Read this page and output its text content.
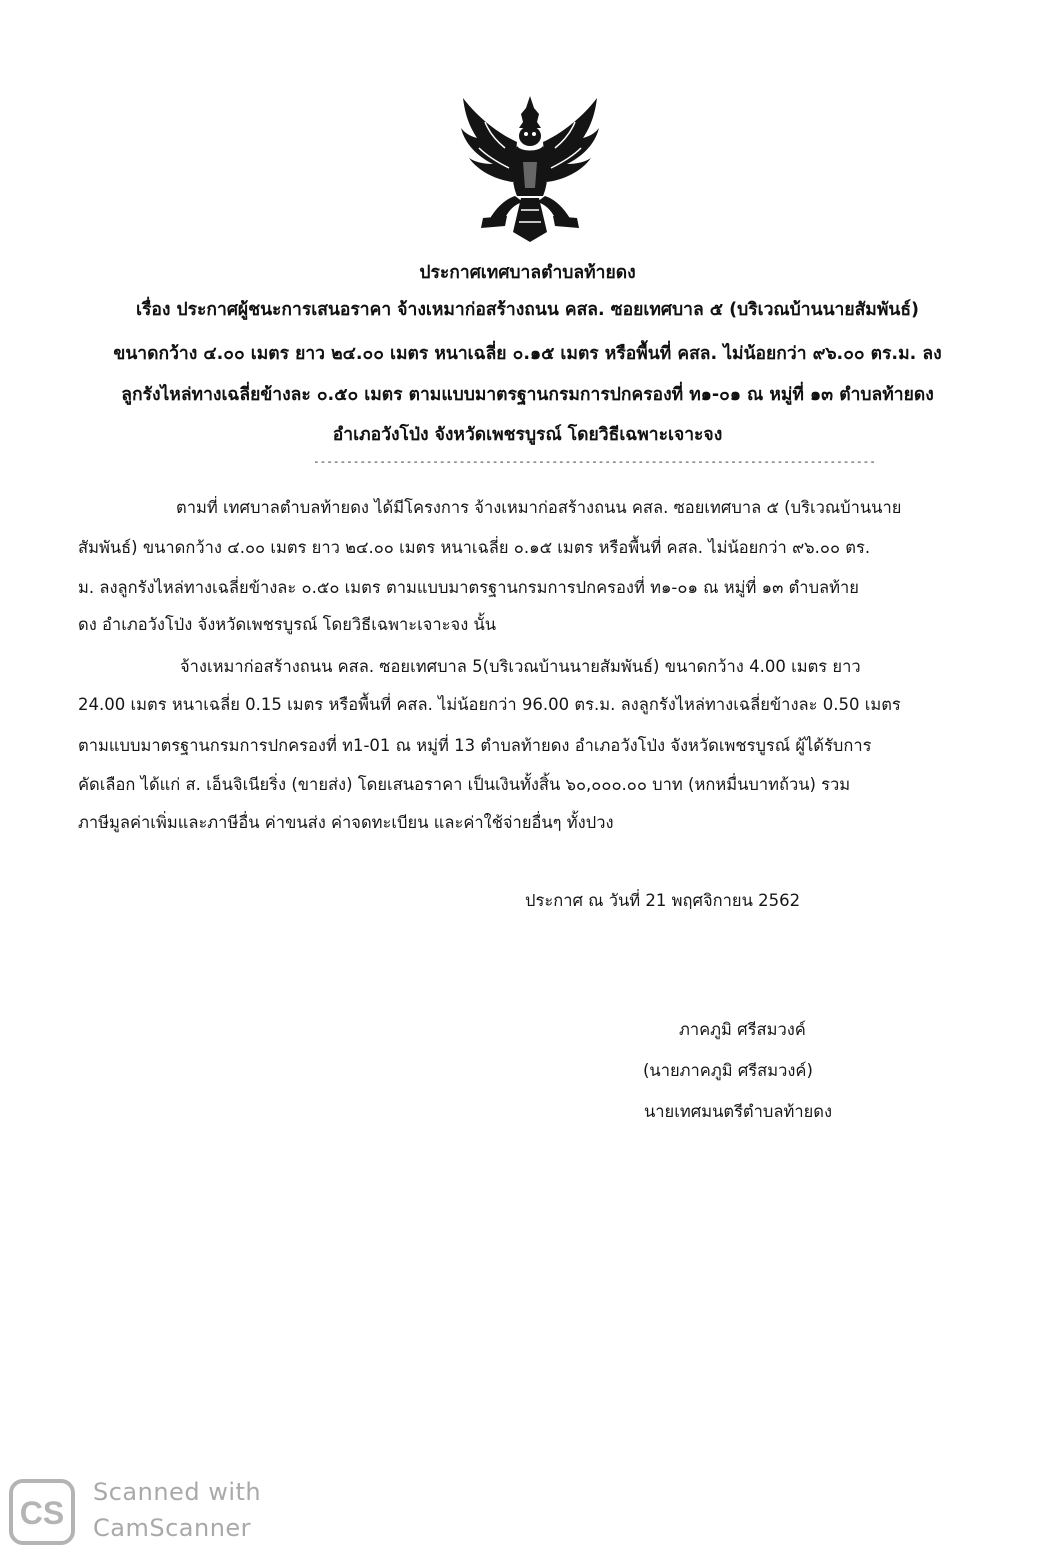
ประกาศเทศบาลตำบลท้ายดง
เรื่อง ประกาศผู้ชนะการเสนอราคา จ้างเหมาก่อสร้างถนน คสล. ซอยเทศบาล ๕ (บริเวณบ้านนายสัมพันธ์)
ขนาดกว้าง ๔.๐๐ เมตร ยาว ๒๔.๐๐ เมตร หนาเฉลี่ย ๐.๑๕ เมตร หรือพื้นที่ คสล. ไม่น้อยกว่า ๙๖.๐๐ ตร.ม. ลง
ลูกรังไหล่ทางเฉลี่ยข้างละ ๐.๕๐ เมตร ตามแบบมาตรฐานกรมการปกครองที่ ท๑-๐๑ ณ หมู่ที่ ๑๓ ตำบลท้ายดง
อำเภอวังโป่ง จังหวัดเพชรบูรณ์ โดยวิธีเฉพาะเจาะจง
-------------------------------------------------------------------------------------
ตามที่ เทศบาลตำบลท้ายดง ได้มีโครงการ จ้างเหมาก่อสร้างถนน คสล. ซอยเทศบาล ๕ (บริเวณบ้านนาย
สัมพันธ์) ขนาดกว้าง ๔.๐๐ เมตร ยาว ๒๔.๐๐ เมตร หนาเฉลี่ย ๐.๑๕ เมตร หรือพื้นที่ คสล. ไม่น้อยกว่า ๙๖.๐๐ ตร.
ม. ลงลูกรังไหล่ทางเฉลี่ยข้างละ ๐.๕๐ เมตร ตามแบบมาตรฐานกรมการปกครองที่ ท๑-๐๑ ณ หมู่ที่ ๑๓ ตำบลท้าย
ดง อำเภอวังโป่ง จังหวัดเพชรบูรณ์ โดยวิธีเฉพาะเจาะจง นั้น
จ้างเหมาก่อสร้างถนน คสล. ซอยเทศบาล 5(บริเวณบ้านนายสัมพันธ์) ขนาดกว้าง 4.00 เมตร ยาว
24.00 เมตร หนาเฉลี่ย 0.15 เมตร หรือพื้นที่ คสล. ไม่น้อยกว่า 96.00 ตร.ม. ลงลูกรังไหล่ทางเฉลี่ยข้างละ 0.50 เมตร
ตามแบบมาตรฐานกรมการปกครองที่ ท1-01 ณ หมู่ที่ 13 ตำบลท้ายดง อำเภอวังโป่ง จังหวัดเพชรบูรณ์ ผู้ได้รับการ
คัดเลือก ได้แก่ ส. เอ็นจิเนียริ่ง (ขายส่ง) โดยเสนอราคา เป็นเงินทั้งสิ้น ๖๐,๐๐๐.๐๐ บาท (หกหมื่นบาทถ้วน) รวม
ภาษีมูลค่าเพิ่มและภาษีอื่น ค่าขนส่ง ค่าจดทะเบียน และค่าใช้จ่ายอื่นๆ ทั้งปวง
ประกาศ ณ วันที่ 21 พฤศจิกายน 2562
ภาคภูมิ ศรีสมวงค์
(นายภาคภูมิ ศรีสมวงค์)
นายเทศมนตรีตำบลท้ายดง
CS
Scanned with
CamScanner
